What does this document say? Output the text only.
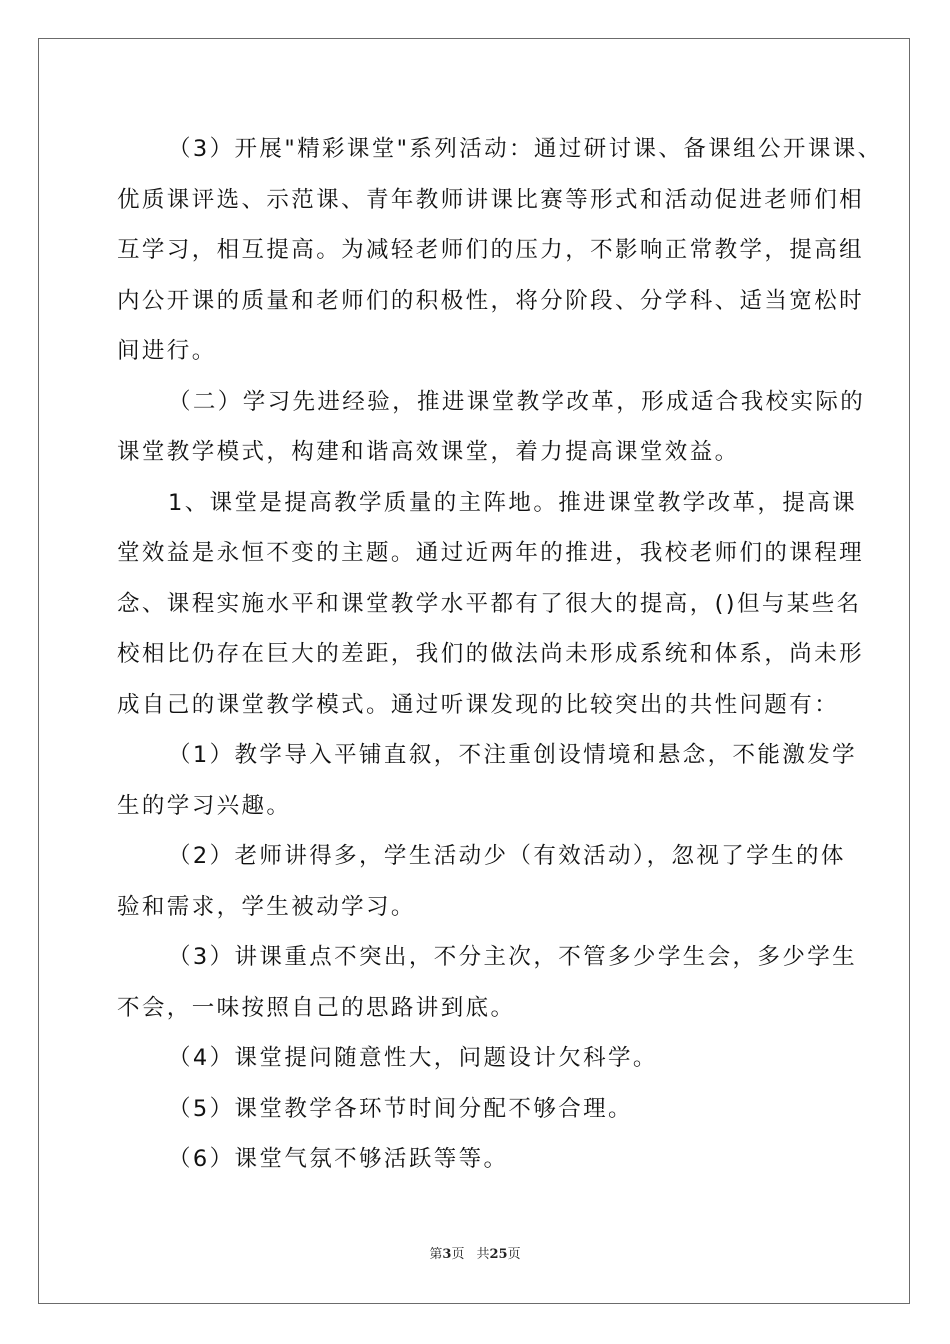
（3）开展"精彩课堂"系列活动：通过研讨课、备课组公开课课、
优质课评选、示范课、青年教师讲课比赛等形式和活动促进老师们相
互学习，相互提高。为减轻老师们的压力，不影响正常教学，提高组
内公开课的质量和老师们的积极性，将分阶段、分学科、适当宽松时
间进行。
（二）学习先进经验，推进课堂教学改革，形成适合我校实际的
课堂教学模式，构建和谐高效课堂，着力提高课堂效益。
1、课堂是提高教学质量的主阵地。推进课堂教学改革，提高课
堂效益是永恒不变的主题。通过近两年的推进，我校老师们的课程理
念、课程实施水平和课堂教学水平都有了很大的提高，()但与某些名
校相比仍存在巨大的差距，我们的做法尚未形成系统和体系，尚未形
成自己的课堂教学模式。通过听课发现的比较突出的共性问题有：
（1）教学导入平铺直叙，不注重创设情境和悬念，不能激发学
生的学习兴趣。
（2）老师讲得多，学生活动少（有效活动），忽视了学生的体
验和需求，学生被动学习。
（3）讲课重点不突出，不分主次，不管多少学生会，多少学生
不会，一味按照自己的思路讲到底。
（4）课堂提问随意性大，问题设计欠科学。
（5）课堂教学各环节时间分配不够合理。
（6）课堂气氛不够活跃等等。
第3页 共25页
